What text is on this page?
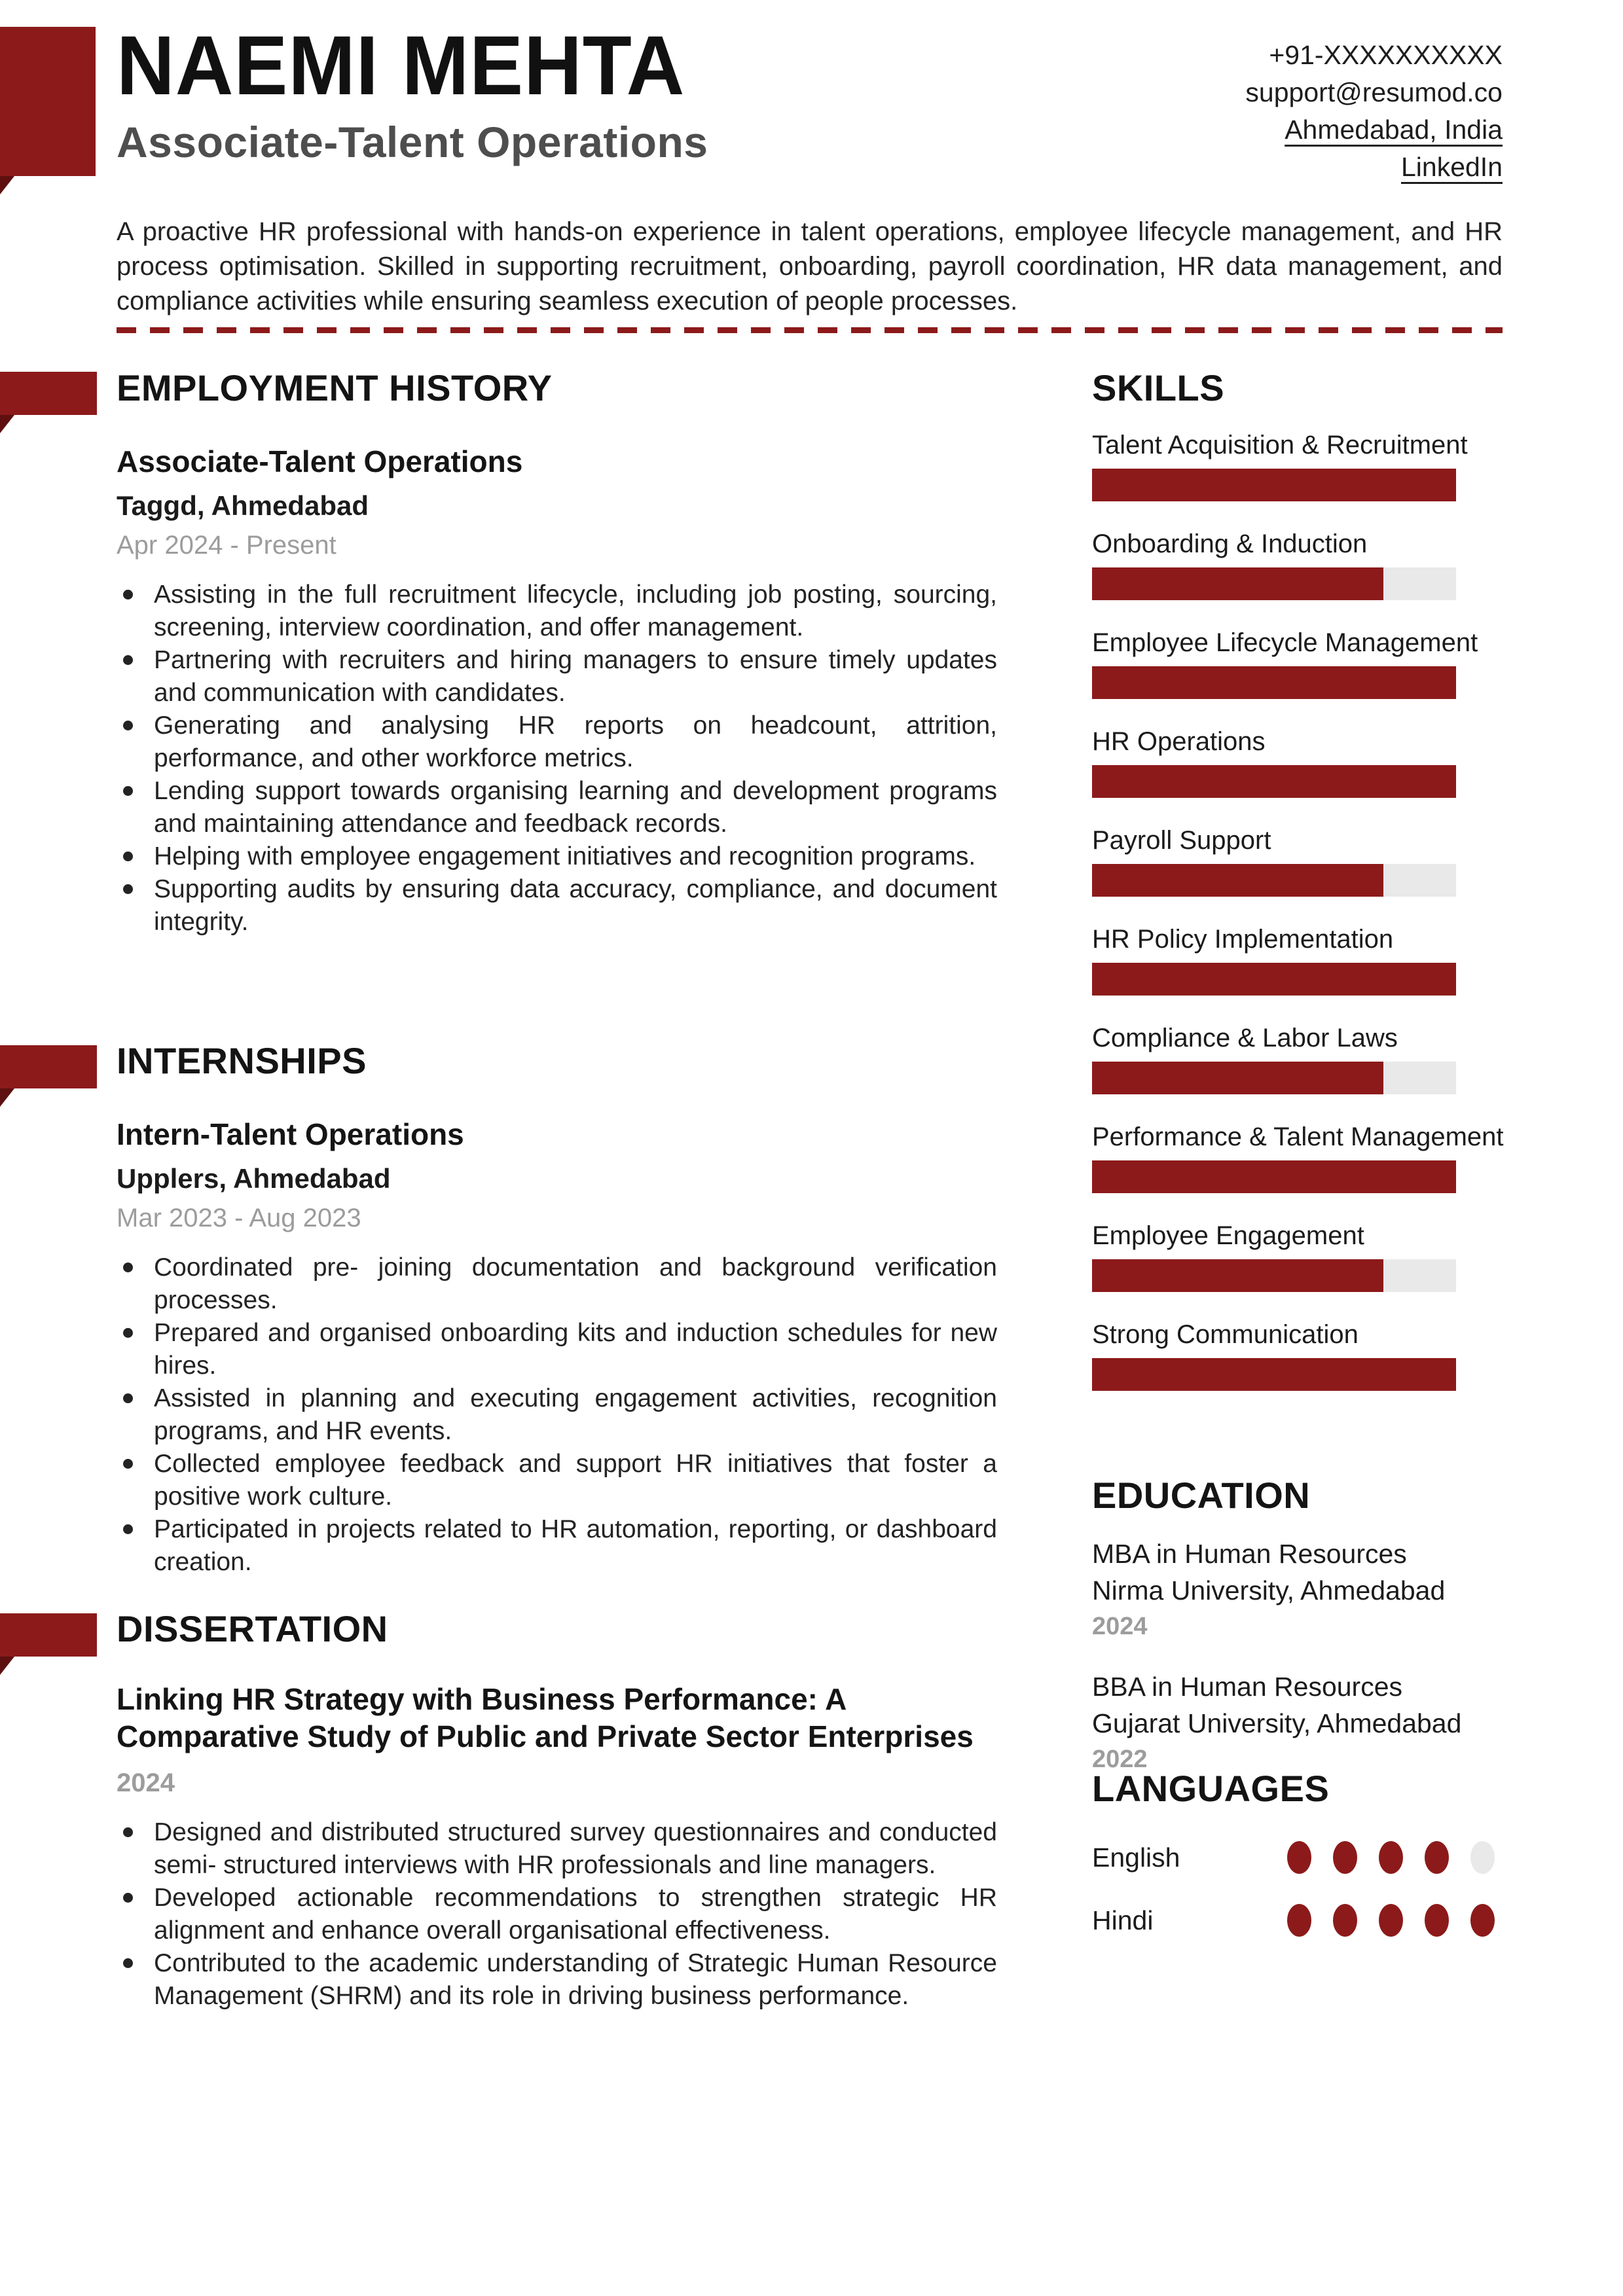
NAEMI MEHTA
Associate-Talent Operations
+91-XXXXXXXXXX
support@resumod.co
Ahmedabad, India
LinkedIn
A proactive HR professional with hands-on experience in talent operations, employee lifecycle management, and HR process optimisation. Skilled in supporting recruitment, onboarding, payroll coordination, HR data management, and compliance activities while ensuring seamless execution of people processes.
EMPLOYMENT HISTORY
Associate-Talent Operations
Taggd, Ahmedabad
Apr 2024 - Present
Assisting in the full recruitment lifecycle, including job posting, sourcing, screening, interview coordination, and offer management.
Partnering with recruiters and hiring managers to ensure timely updates and communication with candidates.
Generating and analysing HR reports on headcount, attrition, performance, and other workforce metrics.
Lending support towards organising learning and development programs and maintaining attendance and feedback records.
Helping with employee engagement initiatives and recognition programs.
Supporting audits by ensuring data accuracy, compliance, and document integrity.
INTERNSHIPS
Intern-Talent Operations
Upplers, Ahmedabad
Mar 2023 - Aug 2023
Coordinated pre- joining documentation and background verification processes.
Prepared and organised onboarding kits and induction schedules for new hires.
Assisted in planning and executing engagement activities, recognition programs, and HR events.
Collected employee feedback and support HR initiatives that foster a positive work culture.
Participated in projects related to HR automation, reporting, or dashboard creation.
DISSERTATION
Linking HR Strategy with Business Performance: A Comparative Study of Public and Private Sector Enterprises
2024
Designed and distributed structured survey questionnaires and conducted semi- structured interviews with HR professionals and line managers.
Developed actionable recommendations to strengthen strategic HR alignment and enhance overall organisational effectiveness.
Contributed to the academic understanding of Strategic Human Resource Management (SHRM) and its role in driving business performance.
SKILLS
Talent Acquisition & Recruitment
Onboarding & Induction
Employee Lifecycle Management
HR Operations
Payroll Support
HR Policy Implementation
Compliance & Labor Laws
Performance & Talent Management
Employee Engagement
Strong Communication
EDUCATION
MBA in Human Resources
Nirma University, Ahmedabad
2024
BBA in Human Resources
Gujarat University, Ahmedabad
2022
LANGUAGES
English
Hindi
